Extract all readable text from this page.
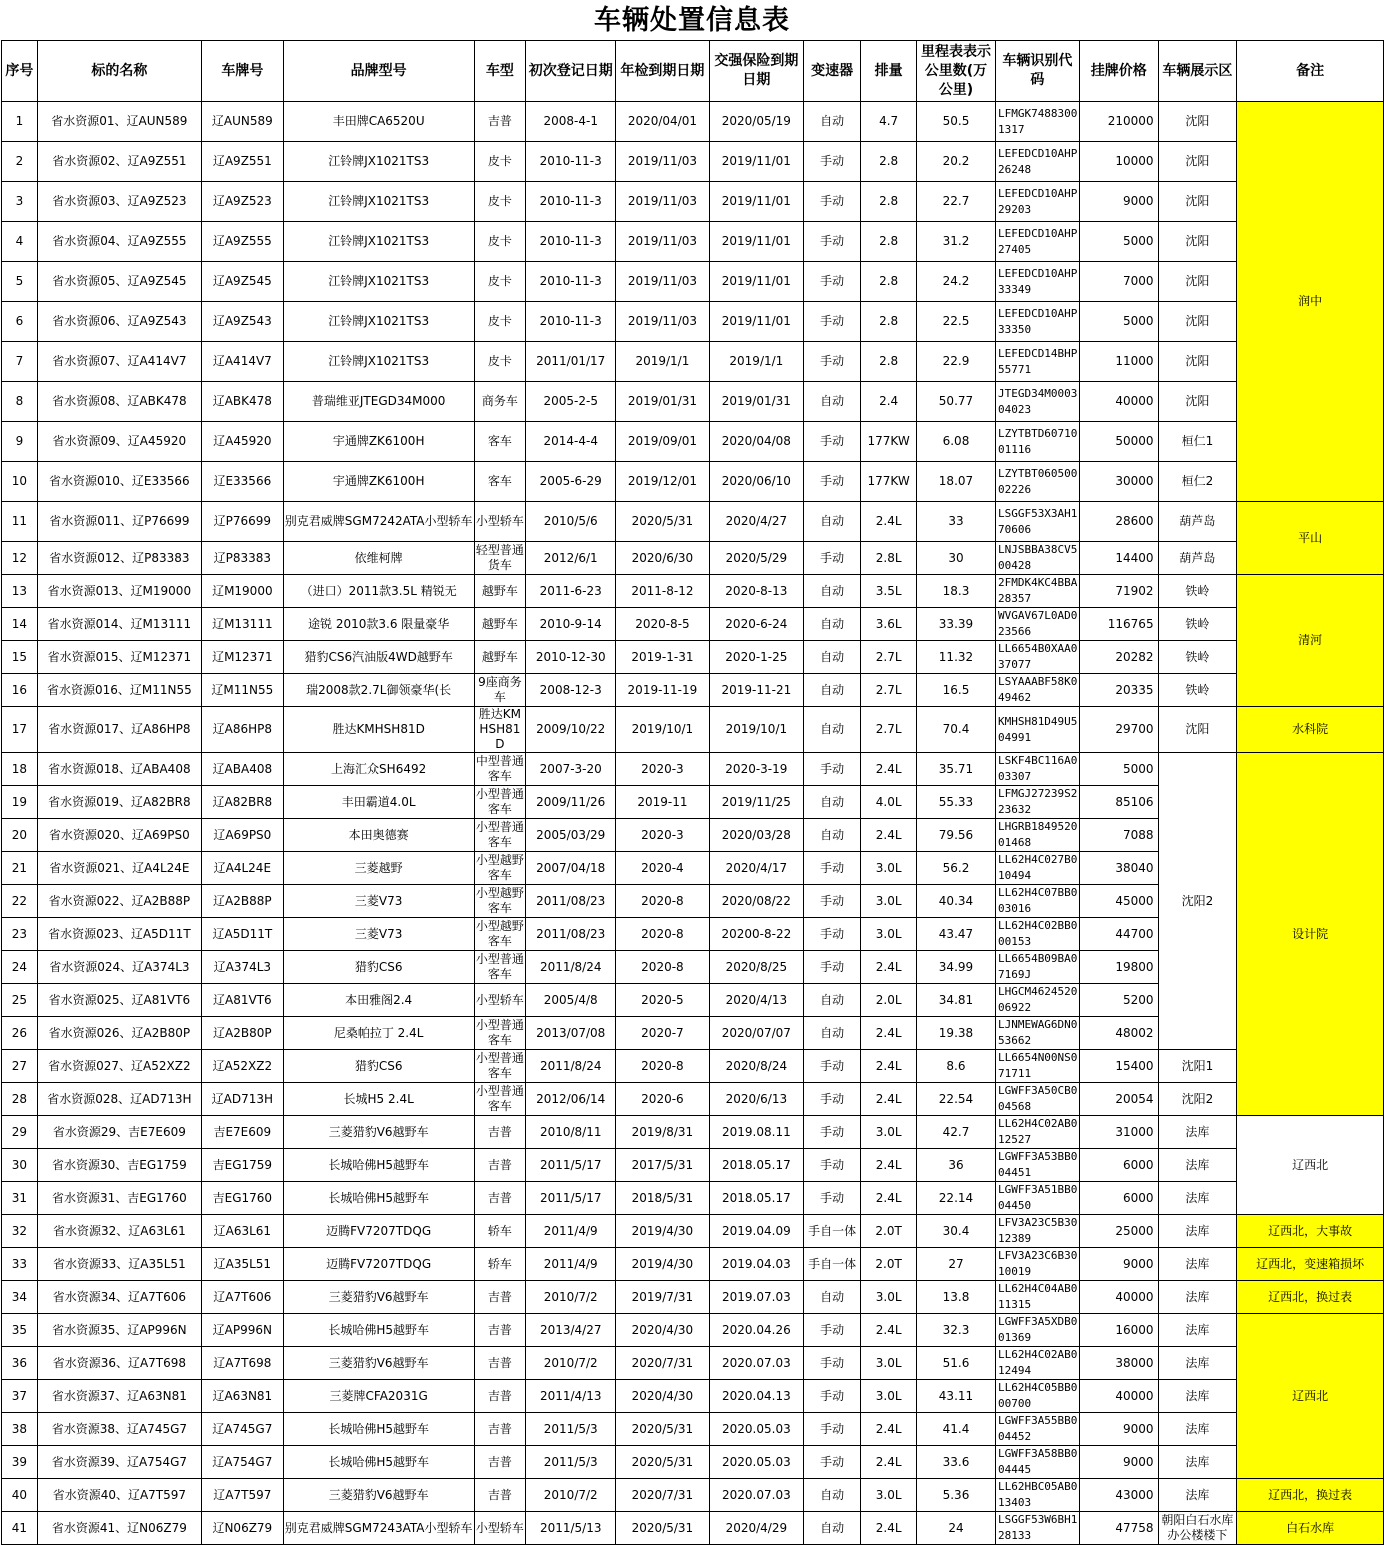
车辆处置信息表
序号	标的名称	车牌号	品牌型号	车型	初次登记日期	年检到期日期	交强保险到期日期	变速器	排量	里程表表示公里数(万公里)	车辆识别代码	挂牌价格	车辆展示区	备注
1	省水资源01、辽AUN589	辽AUN589	丰田牌CA6520U	吉普	2008-4-1	2020/04/01	2020/05/19	自动	4.7	50.5	LFMGK74883001317	210000	沈阳	润中
2	省水资源02、辽A9Z551	辽A9Z551	江铃牌JX1021TS3	皮卡	2010-11-3	2019/11/03	2019/11/01	手动	2.8	20.2	LEFEDCD10AHP26248	10000	沈阳	
3	省水资源03、辽A9Z523	辽A9Z523	江铃牌JX1021TS3	皮卡	2010-11-3	2019/11/03	2019/11/01	手动	2.8	22.7	LEFEDCD10AHP29203	9000	沈阳	
4	省水资源04、辽A9Z555	辽A9Z555	江铃牌JX1021TS3	皮卡	2010-11-3	2019/11/03	2019/11/01	手动	2.8	31.2	LEFEDCD10AHP27405	5000	沈阳	
5	省水资源05、辽A9Z545	辽A9Z545	江铃牌JX1021TS3	皮卡	2010-11-3	2019/11/03	2019/11/01	手动	2.8	24.2	LEFEDCD10AHP33349	7000	沈阳	
6	省水资源06、辽A9Z543	辽A9Z543	江铃牌JX1021TS3	皮卡	2010-11-3	2019/11/03	2019/11/01	手动	2.8	22.5	LEFEDCD10AHP33350	5000	沈阳	
7	省水资源07、辽A414V7	辽A414V7	江铃牌JX1021TS3	皮卡	2011/01/17	2019/1/1	2019/1/1	手动	2.8	22.9	LEFEDCD14BHP55771	11000	沈阳	
8	省水资源08、辽ABK478	辽ABK478	普瑞维亚JTEGD34M000	商务车	2005-2-5	2019/01/31	2019/01/31	自动	2.4	50.77	JTEGD34M000304023	40000	沈阳	
9	省水资源09、辽A45920	辽A45920	宇通牌ZK6100H	客车	2014-4-4	2019/09/01	2020/04/08	手动	177KW	6.08	LZYTBTD6071001116	50000	桓仁1	
10	省水资源010、辽E33566	辽E33566	宇通牌ZK6100H	客车	2005-6-29	2019/12/01	2020/06/10	手动	177KW	18.07	LZYTBT06050002226	30000	桓仁2	
11	省水资源011、辽P76699	辽P76699	别克君威牌SGM7242ATA小型轿车	小型轿车	2010/5/6	2020/5/31	2020/4/27	自动	2.4L	33	LSGGF53X3AH170606	28600	葫芦岛	平山
12	省水资源012、辽P83383	辽P83383	依维柯牌	轻型普通货车	2012/6/1	2020/6/30	2020/5/29	手动	2.8L	30	LNJSBBA38CV500428	14400	葫芦岛	
13	省水资源013、辽M19000	辽M19000	（进口）2011款3.5L 精锐无	越野车	2011-6-23	2011-8-12	2020-8-13	自动	3.5L	18.3	2FMDK4KC4BBA28357	71902	铁岭	清河
14	省水资源014、辽M13111	辽M13111	途锐 2010款3.6 限量豪华	越野车	2010-9-14	2020-8-5	2020-6-24	自动	3.6L	33.39	WVGAV67L0AD023566	116765	铁岭	
15	省水资源015、辽M12371	辽M12371	猎豹CS6汽油版4WD越野车	越野车	2010-12-30	2019-1-31	2020-1-25	自动	2.7L	11.32	LL6654B0XAA037077	20282	铁岭	
16	省水资源016、辽M11N55	辽M11N55	瑞2008款2.7L御领豪华(长	9座商务车	2008-12-3	2019-11-19	2019-11-21	自动	2.7L	16.5	LSYAAABF58K049462	20335	铁岭	
17	省水资源017、辽A86HP8	辽A86HP8	胜达KMHSH81D	胜达KMHSH81D	2009/10/22	2019/10/1	2019/10/1	自动	2.7L	70.4	KMHSH81D49U504991	29700	沈阳	水科院
18	省水资源018、辽ABA408	辽ABA408	上海汇众SH6492	中型普通客车	2007-3-20	2020-3	2020-3-19	手动	2.4L	35.71	LSKF4BC116A003307	5000	沈阳2	设计院
19	省水资源019、辽A82BR8	辽A82BR8	丰田霸道4.0L	小型普通客车	2009/11/26	2019-11	2019/11/25	自动	4.0L	55.33	LFMGJ27239S223632	85106		
20	省水资源020、辽A69PS0	辽A69PS0	本田奥德赛	小型普通客车	2005/03/29	2020-3	2020/03/28	自动	2.4L	79.56	LHGRB184952001468	7088		
21	省水资源021、辽A4L24E	辽A4L24E	三菱越野	小型越野客车	2007/04/18	2020-4	2020/4/17	手动	3.0L	56.2	LL62H4C027B010494	38040		
22	省水资源022、辽A2B88P	辽A2B88P	三菱V73	小型越野客车	2011/08/23	2020-8	2020/08/22	手动	3.0L	40.34	LL62H4C07BB003016	45000		
23	省水资源023、辽A5D11T	辽A5D11T	三菱V73	小型越野客车	2011/08/23	2020-8	20200-8-22	手动	3.0L	43.47	LL62H4C02BB000153	44700		
24	省水资源024、辽A374L3	辽A374L3	猎豹CS6	小型普通客车	2011/8/24	2020-8	2020/8/25	手动	2.4L	34.99	LL6654B09BA07169J	19800		
25	省水资源025、辽A81VT6	辽A81VT6	本田雅阁2.4	小型轿车	2005/4/8	2020-5	2020/4/13	自动	2.0L	34.81	LHGCM462452006922	5200		
26	省水资源026、辽A2B80P	辽A2B80P	尼桑帕拉丁 2.4L	小型普通客车	2013/07/08	2020-7	2020/07/07	自动	2.4L	19.38	LJNMEWAG6DN053662	48002		
27	省水资源027、辽A52XZ2	辽A52XZ2	猎豹CS6	小型普通客车	2011/8/24	2020-8	2020/8/24	手动	2.4L	8.6	LL6654N00NS071711	15400	沈阳1	
28	省水资源028、辽AD713H	辽AD713H	长城H5 2.4L	小型普通客车	2012/06/14	2020-6	2020/6/13	手动	2.4L	22.54	LGWFF3A50CB004568	20054	沈阳2	
29	省水资源29、吉E7E609	吉E7E609	三菱猎豹V6越野车	吉普	2010/8/11	2019/8/31	2019.08.11	手动	3.0L	42.7	LL62H4C02AB012527	31000	法库	辽西北
30	省水资源30、吉EG1759	吉EG1759	长城哈佛H5越野车	吉普	2011/5/17	2017/5/31	2018.05.17	手动	2.4L	36	LGWFF3A53BB004451	6000	法库	
31	省水资源31、吉EG1760	吉EG1760	长城哈佛H5越野车	吉普	2011/5/17	2018/5/31	2018.05.17	手动	2.4L	22.14	LGWFF3A51BB004450	6000	法库	
32	省水资源32、辽A63L61	辽A63L61	迈腾FV7207TDQG	轿车	2011/4/9	2019/4/30	2019.04.09	手自一体	2.0T	30.4	LFV3A23C5B3012389	25000	法库	辽西北，大事故
33	省水资源33、辽A35L51	辽A35L51	迈腾FV7207TDQG	轿车	2011/4/9	2019/4/30	2019.04.03	手自一体	2.0T	27	LFV3A23C6B3010019	9000	法库	辽西北，变速箱损坏
34	省水资源34、辽A7T606	辽A7T606	三菱猎豹V6越野车	吉普	2010/7/2	2019/7/31	2019.07.03	自动	3.0L	13.8	LL62H4C04AB011315	40000	法库	辽西北，换过表
35	省水资源35、辽AP996N	辽AP996N	长城哈佛H5越野车	吉普	2013/4/27	2020/4/30	2020.04.26	手动	2.4L	32.3	LGWFF3A5XDB001369	16000	法库	辽西北
36	省水资源36、辽A7T698	辽A7T698	三菱猎豹V6越野车	吉普	2010/7/2	2020/7/31	2020.07.03	手动	3.0L	51.6	LL62H4C02AB012494	38000	法库	
37	省水资源37、辽A63N81	辽A63N81	三菱牌CFA2031G	吉普	2011/4/13	2020/4/30	2020.04.13	手动	3.0L	43.11	LL62H4C05BB000700	40000	法库	
38	省水资源38、辽A745G7	辽A745G7	长城哈佛H5越野车	吉普	2011/5/3	2020/5/31	2020.05.03	手动	2.4L	41.4	LGWFF3A55BB004452	9000	法库	
39	省水资源39、辽A754G7	辽A754G7	长城哈佛H5越野车	吉普	2011/5/3	2020/5/31	2020.05.03	手动	2.4L	33.6	LGWFF3A58BB004445	9000	法库	
40	省水资源40、辽A7T597	辽A7T597	三菱猎豹V6越野车	吉普	2010/7/2	2020/7/31	2020.07.03	自动	3.0L	5.36	LL62HBC05AB013403	43000	法库	辽西北，换过表
41	省水资源41、辽N06Z79	辽N06Z79	别克君威牌SGM7243ATA小型轿车	小型轿车	2011/5/13	2020/5/31	2020/4/29	自动	2.4L	24	LSGGF53W6BH128133	47758	朝阳白石水库办公楼楼下	白石水库
